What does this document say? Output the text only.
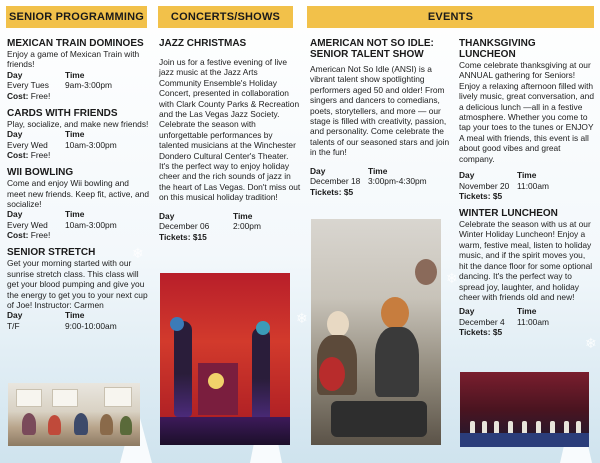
❄
❄
❄
❄
SENIOR PROGRAMMING	CONCERTS/SHOWS	EVENTS
MEXICAN TRAIN DOMINOES
Enjoy a game of Mexican Train with friends!
Day	Time
Every Tues	9am-3:00pm
Cost: Free!
CARDS WITH FRIENDS
Play, socialize, and make new friends!
Day	Time
Every Wed	10am-3:00pm
Cost: Free!
WII BOWLING
Come and enjoy Wii bowling and meet new friends. Keep fit, active, and socialize!
Day	Time
Every Wed	10am-3:00pm
Cost: Free!
SENIOR STRETCH
Get your morning started with our sunrise stretch class. This class will get your blood pumping and give you the energy to get you to your next cup of Joe! Instructor: Carmen
Day	Time
T/F	9:00-10:00am
JAZZ CHRISTMAS
Join us for a festive evening of live jazz music at the Jazz Arts Community Ensemble's Holiday Concert, presented in collaboration with Clark County Parks & Recreation and the Las Vegas Jazz Society. Celebrate the season with unforgettable performances by talented musicians at the Winchester Dondero Cultural Center's Theater. It's the perfect way to enjoy holiday cheer and the rich sounds of jazz in the heart of Las Vegas. Don't miss out on this musical holiday tradition!
Day	Time
December 06	2:00pm
Tickets: $15
AMERICAN NOT SO IDLE: SENIOR TALENT SHOW
American Not So Idle (ANSI) is a vibrant talent show spotlighting performers aged 50 and older! From singers and dancers to comedians, poets, storytellers, and more — our stage is filled with creativity, passion, and personality. Come celebrate the talents of our seasoned stars and join in the fun!
Day	Time
December 18 3:00pm-4:30pm
Tickets: $5
THANKSGIVING LUNCHEON
Come celebrate thanksgiving at our ANNUAL gathering for Seniors! Enjoy a relaxing afternoon filled with lively music, great conversation, and a delicious lunch —all in a festive atmosphere. Whether you come to tap your toes to the tunes or ENJOY A meal with friends, this event is all about good vibes and great company.
Day	Time
November 20 11:00am
Tickets: $5
WINTER LUNCHEON
Celebrate the season with us at our Winter Holiday Luncheon! Enjoy a warm, festive meal, listen to holiday music, and if the spirit moves you, hit the dance floor for some optional dancing. It's the perfect way to spread joy, laughter, and holiday cheer with friends old and new!
Day	Time
December 4	11:00am
Tickets: $5
